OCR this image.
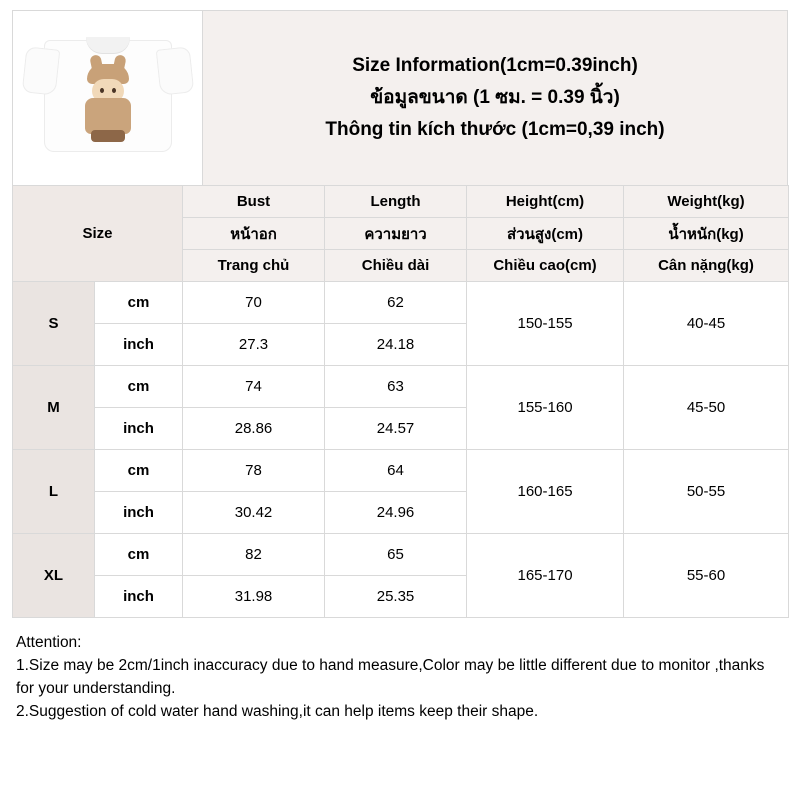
Size Information(1cm=0.39inch)
ข้อมูลขนาด (1 ซม. = 0.39 นิ้ว)
Thông tin kích thước (1cm=0,39 inch)
Size		Bust	Length	Height(cm)	Weight(kg)
		หน้าอก	ความยาว	ส่วนสูง(cm)	น้ำหนัก(kg)
		Trang chủ	Chiều dài	Chiều cao(cm)	Cân nặng(kg)
S	cm	70	62	150-155	40-45
	inch	27.3	24.18		
M	cm	74	63	155-160	45-50
	inch	28.86	24.57		
L	cm	78	64	160-165	50-55
	inch	30.42	24.96		
XL	cm	82	65	165-170	55-60
	inch	31.98	25.35		

Attention:

1.Size may be 2cm/1inch inaccuracy due to hand measure,Color may be little different due to monitor ,thanks for your understanding.

2.Suggestion of cold water hand washing,it can help items keep their shape.
